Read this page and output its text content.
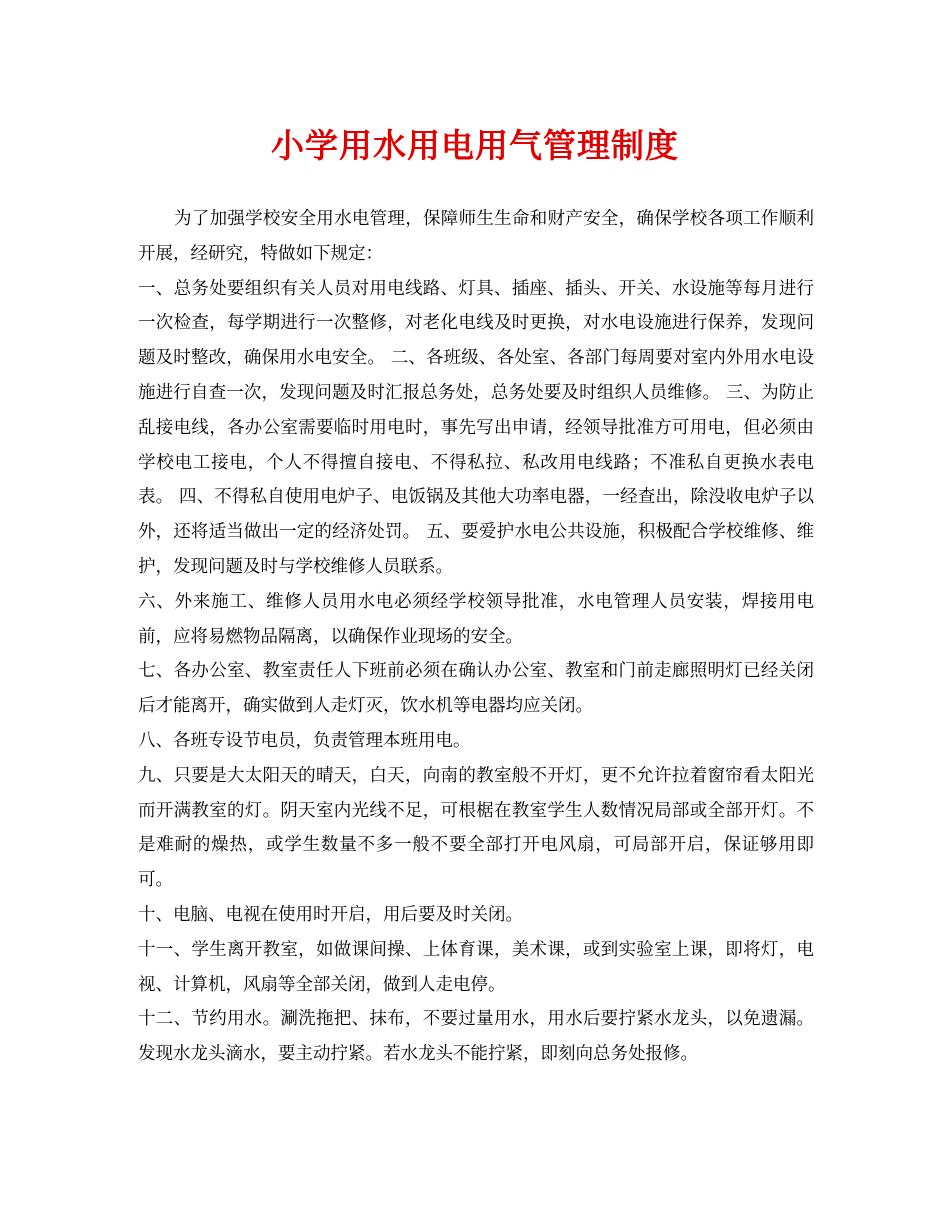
小学用水用电用气管理制度

为了加强学校安全用水电管理，保障师生生命和财产安全，确保学校各项工作顺利开展，经研究，特做如下规定：

一、总务处要组织有关人员对用电线路、灯具、插座、插头、开关、水设施等每月进行一次检查，每学期进行一次整修，对老化电线及时更换，对水电设施进行保养，发现问题及时整改，确保用水电安全。 二、各班级、各处室、各部门每周要对室内外用水电设施进行自查一次，发现问题及时汇报总务处，总务处要及时组织人员维修。 三、为防止乱接电线，各办公室需要临时用电时，事先写出申请，经领导批准方可用电，但必须由学校电工接电，个人不得擅自接电、不得私拉、私改用电线路；不准私自更换水表电表。 四、不得私自使用电炉子、电饭锅及其他大功率电器，一经查出，除没收电炉子以外，还将适当做出一定的经济处罚。 五、要爱护水电公共设施，积极配合学校维修、维护，发现问题及时与学校维修人员联系。

六、外来施工、维修人员用水电必须经学校领导批准，水电管理人员安装，焊接用电前，应将易燃物品隔离，以确保作业现场的安全。

七、各办公室、教室责任人下班前必须在确认办公室、教室和门前走廊照明灯已经关闭后才能离开，确实做到人走灯灭，饮水机等电器均应关闭。

八、各班专设节电员，负责管理本班用电。

九、只要是大太阳天的晴天，白天，向南的教室般不开灯，更不允许拉着窗帘看太阳光而开满教室的灯。阴天室内光线不足，可根椐在教室学生人数情况局部或全部开灯。不是难耐的燥热，或学生数量不多一般不要全部打开电风扇，可局部开启，保证够用即可。

十、电脑、电视在使用时开启，用后要及时关闭。

十一、学生离开教室，如做课间操、上体育课，美术课，或到实验室上课，即将灯，电视、计算机，风扇等全部关闭，做到人走电停。

十二、节约用水。涮洗拖把、抹布，不要过量用水，用水后要拧紧水龙头，以免遗漏。发现水龙头滴水，要主动拧紧。若水龙头不能拧紧，即刻向总务处报修。
